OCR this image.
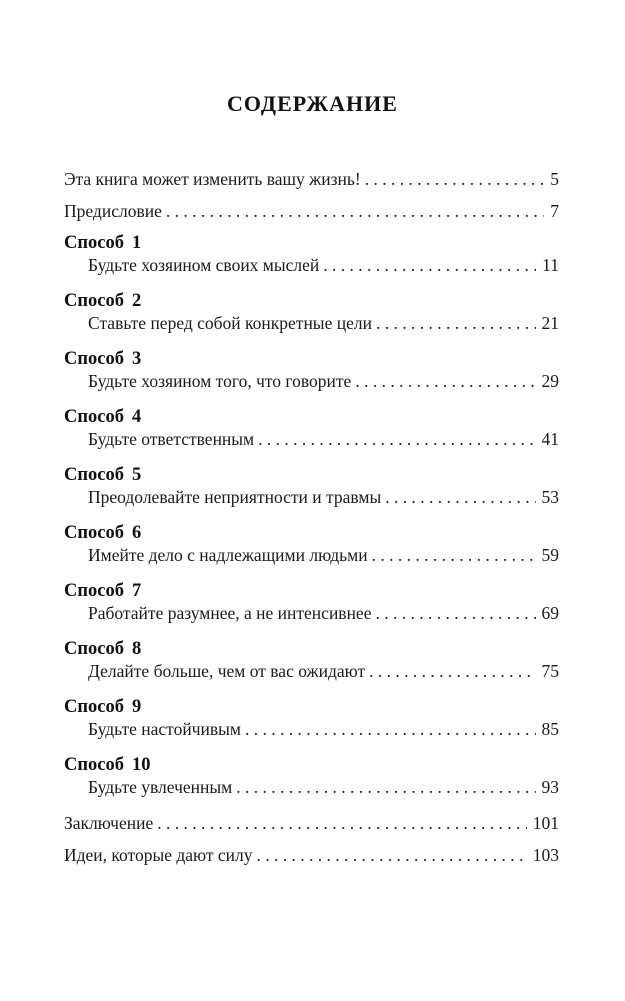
СОДЕРЖАНИЕ
Эта книга может изменить вашу жизнь! . . .	5
Предисловие . . .	7
Способ 1
Будьте хозяином своих мыслей . . .	11
Способ 2
Ставьте перед собой конкретные цели . . .	21
Способ 3
Будьте хозяином того, что говорите . . .	29
Способ 4
Будьте ответственным . . .	41
Способ 5
Преодолевайте неприятности и травмы . . .	53
Способ 6
Имейте дело с надлежащими людьми . . .	59
Способ 7
Работайте разумнее, а не интенсивнее . . .	69
Способ 8
Делайте больше, чем от вас ожидают . . .	75
Способ 9
Будьте настойчивым . . .	85
Способ 10
Будьте увлеченным . . .	93
Заключение . . .	101
Идеи, которые дают силу . . .	103
